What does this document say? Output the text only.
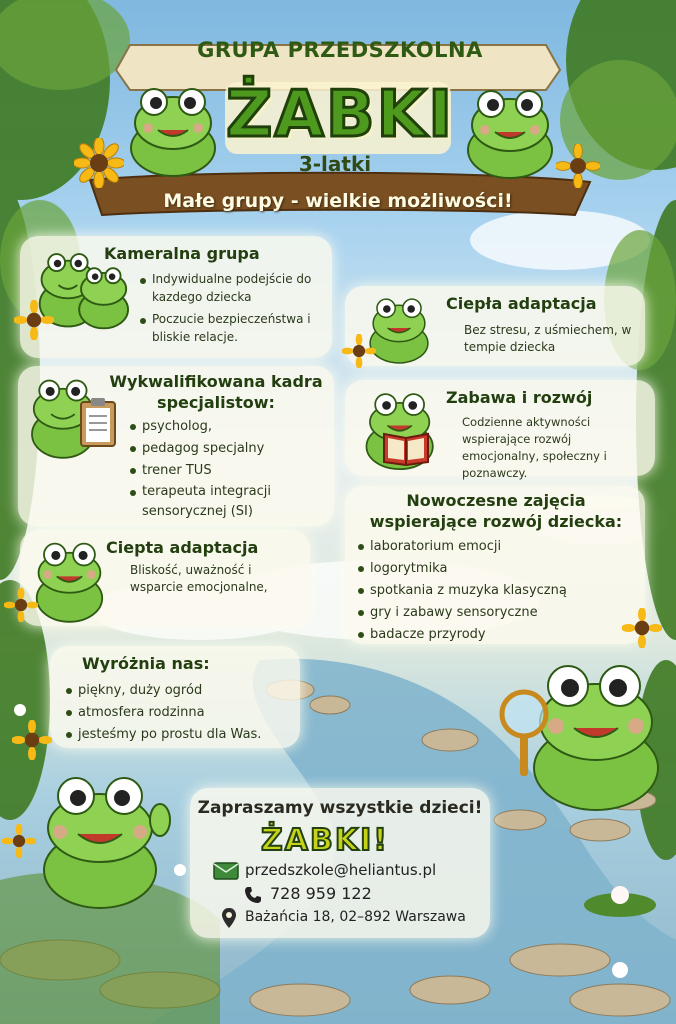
GRUPA PRZEDSZKOLNA
ŻABKI
3-latki
Małe grupy - wielkie możliwości!
Kameralna grupa
Indywidualne podejście do kazdego dziecka
Poczucie bezpieczeństwa i bliskie relacje.
Ciepła adaptacja
Bez stresu, z uśmiechem, w tempie dziecka
Wykwalifikowana kadra
specjalistow:
psycholog,
pedagog specjalny
trener TUS
terapeuta integracji sensorycznej (SI)
Zabawa i rozwój
Codzienne aktywności wspierające rozwój emocjonalny, społeczny i poznawczy.
Nowoczesne zajęcia
wspierające rozwój dziecka:
laboratorium emocji
logorytmika
spotkania z muzyka klasyczną
gry i zabawy sensoryczne
badacze przyrody
Ciepta adaptacja
Bliskość, uważność i wsparcie emocjonalne,
Wyróżnia nas:
piękny, duży ogród
atmosfera rodzinna
jesteśmy po prostu dla Was.
Zapraszamy wszystkie dzieci!
ŻABKI!
przedszkole@heliantus.pl
728 959 122
Bażańcia 18, 02–892 Warszawa
